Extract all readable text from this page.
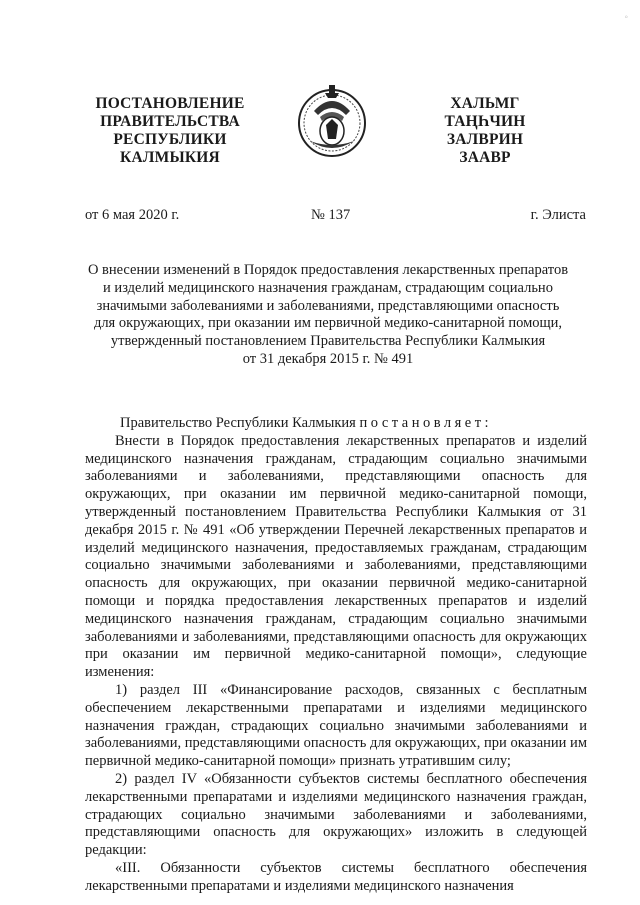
◦
ПОСТАНОВЛЕНИЕ
ПРАВИТЕЛЬСТВА
РЕСПУБЛИКИ
КАЛМЫКИЯ
ХАЛЬМГ
ТАҢҺЧИН
ЗАЛВРИН
ЗААВР
от 6 мая 2020 г.	№ 137	г. Элиста
О внесении изменений в Порядок предоставления лекарственных препаратов
и изделий медицинского назначения гражданам, страдающим социально
значимыми заболеваниями и заболеваниями, представляющими опасность
для окружающих, при оказании им первичной медико-санитарной помощи,
утвержденный постановлением Правительства Республики Калмыкия
от 31 декабря 2015 г. № 491

Правительство Республики Калмыкия постановляет:

Внести в Порядок предоставления лекарственных препаратов и изделий медицинского назначения гражданам, страдающим социально значимыми заболеваниями и заболеваниями, представляющими опасность для окружающих, при оказании им первичной медико-санитарной помощи, утвержденный постановлением Правительства Республики Калмыкия от 31 декабря 2015 г. № 491 «Об утверждении Перечней лекарственных препаратов и изделий медицинского назначения, предоставляемых гражданам, страдающим социально значимыми заболеваниями и заболеваниями, представляющими опасность для окружающих, при оказании первичной медико-санитарной помощи и порядка предоставления лекарственных препаратов и изделий медицинского назначения гражданам, страдающим социально значимыми заболеваниями и заболеваниями, представляющими опасность для окружающих при оказании им первичной медико-санитарной помощи», следующие изменения:

1) раздел III «Финансирование расходов, связанных с бесплатным обеспечением лекарственными препаратами и изделиями медицинского назначения граждан, страдающих социально значимыми заболеваниями и заболеваниями, представляющими опасность для окружающих, при оказании им первичной медико-санитарной помощи» признать утратившим силу;

2) раздел IV «Обязанности субъектов системы бесплатного обеспечения лекарственными препаратами и изделиями медицинского назначения граждан, страдающих социально значимыми заболеваниями и заболеваниями, представляющими опасность для окружающих» изложить в следующей редакции:

«III. Обязанности субъектов системы бесплатного обеспечения лекарственными препаратами и изделиями медицинского назначения
